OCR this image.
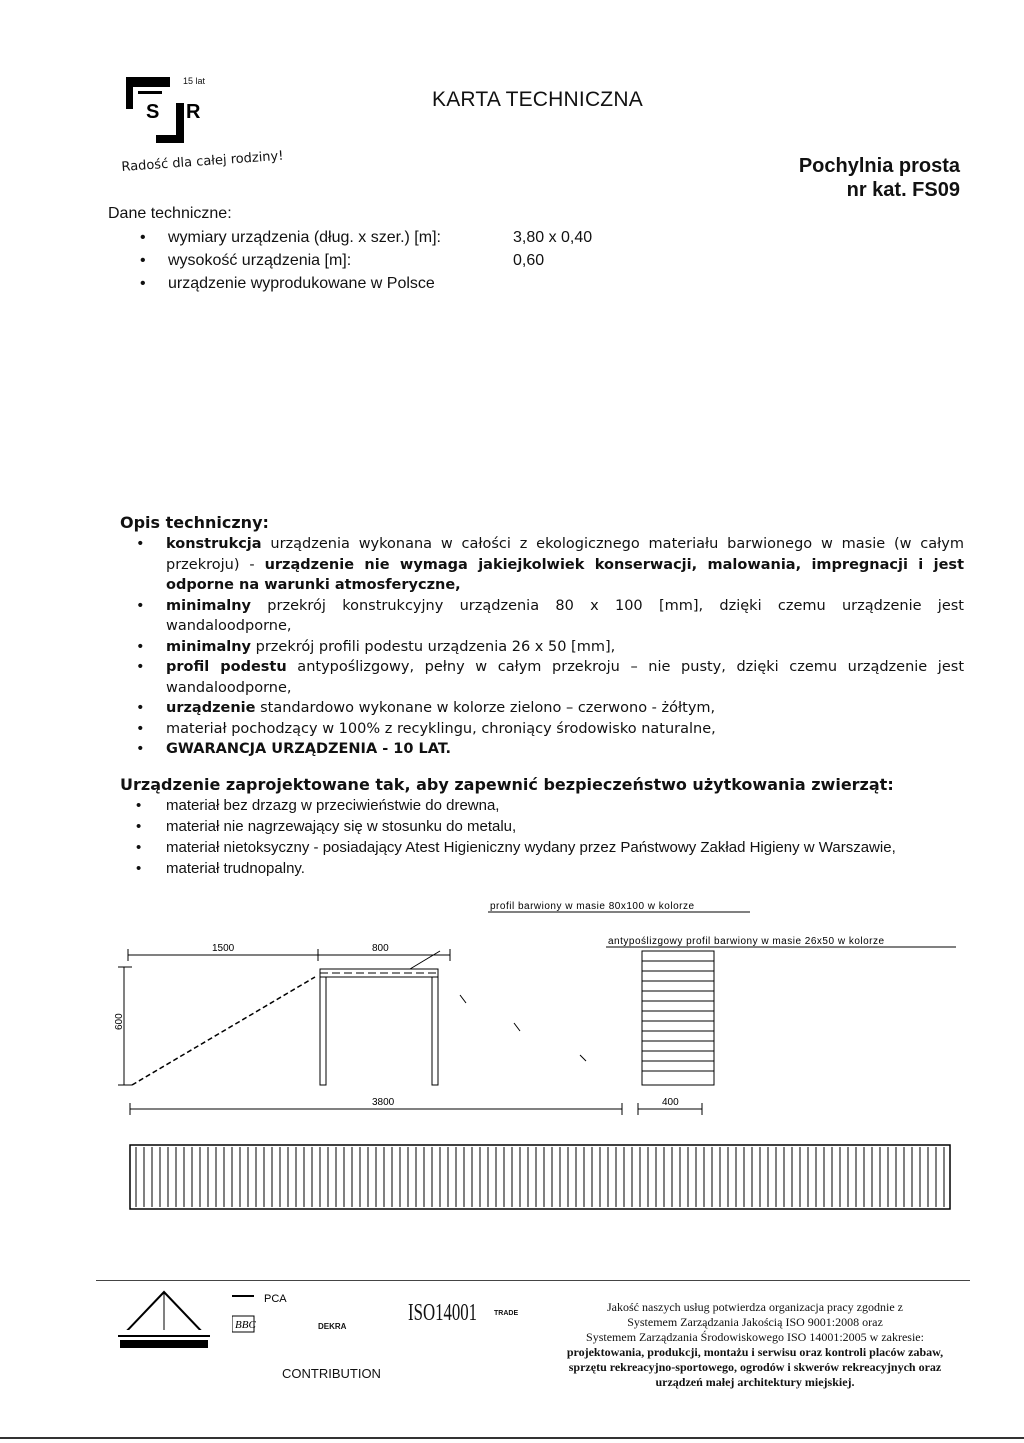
S R
15 lat
Radość dla całej rodziny!
KARTA TECHNICZNA
Pochylnia prosta
nr kat. FS09
Dane techniczne:
• wymiary urządzenia (dług. x szer.) [m]:	3,80 x 0,40
• wysokość urządzenia [m]:	0,60
• urządzenie wyprodukowane w Polsce
Opis techniczny:
• konstrukcja urządzenia wykonana w całości z ekologicznego materiału barwionego w masie (w całym przekroju) - urządzenie nie wymaga jakiejkolwiek konserwacji, malowania, impregnacji i jest odporne na warunki atmosferyczne,
• minimalny przekrój konstrukcyjny urządzenia 80 x 100 [mm], dzięki czemu urządzenie jest wandaloodporne,
• minimalny przekrój profili podestu urządzenia 26 x 50 [mm],
• profil podestu antypoślizgowy, pełny w całym przekroju – nie pusty, dzięki czemu urządzenie jest wandaloodporne,
• urządzenie standardowo wykonane w kolorze zielono – czerwono - żółtym,
• materiał pochodzący w 100% z recyklingu, chroniący środowisko naturalne,
• GWARANCJA URZĄDZENIA - 10 LAT.
Urządzenie zaprojektowane tak, aby zapewnić bezpieczeństwo użytkowania zwierząt:
• materiał bez drzazg w przeciwieństwie do drewna,
• materiał nie nagrzewający się w stosunku do metalu,
• materiał nietoksyczny - posiadający Atest Higieniczny wydany przez Państwowy Zakład Higieny w Warszawie,
• materiał trudnopalny.
profil barwiony w masie 80x100 w kolorze
antypoślizgowy profil barwiony w masie 26x50 w kolorze
1500	800
600
3800	400
PCA
BBC	DEKRA
CONTRIBUTION
ISO14001 TRADE	Jakość naszych usług potwierdza organizacja pracy zgodnie z
Systemem Zarządzania Jakością ISO 9001:2008 oraz
Systemem Zarządzania Środowiskowego ISO 14001:2005 w zakresie:
projektowania, produkcji, montażu i serwisu oraz kontroli placów zabaw,
sprzętu rekreacyjno-sportowego, ogrodów i skwerów rekreacyjnych oraz
urządzeń małej architektury miejskiej.
